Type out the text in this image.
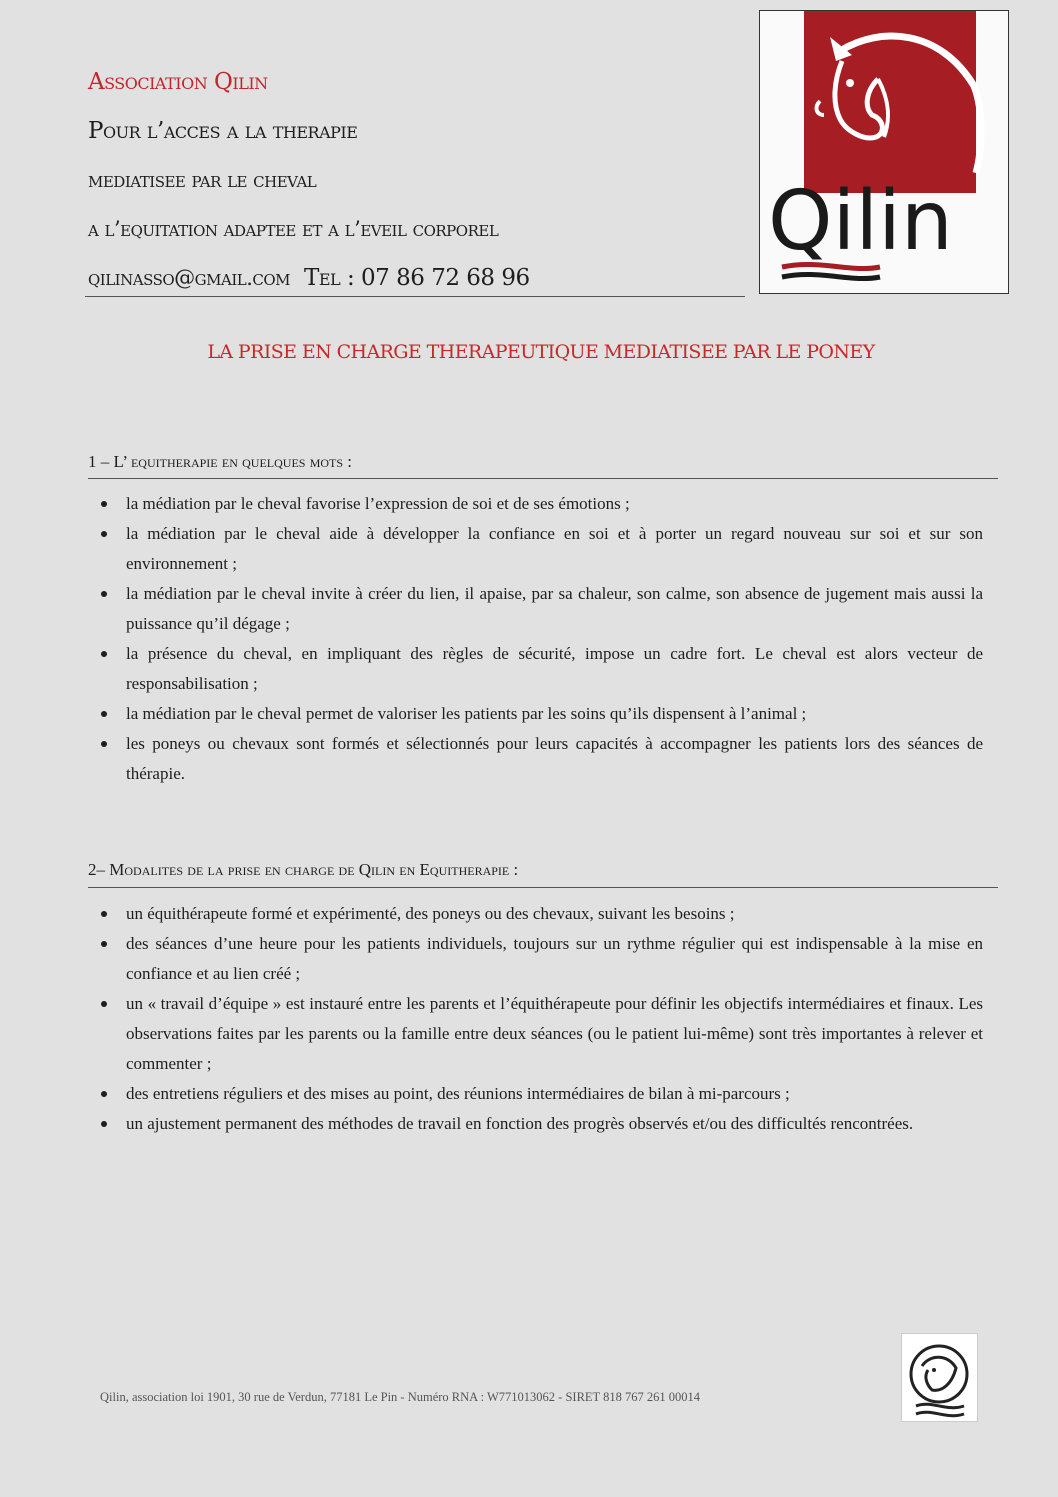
Association Qilin
Pour l’acces a la therapie
mediatisee par le cheval
a l’equitation adaptee et a l’eveil corporel
qilinasso@gmail.com Tel : 07 86 72 68 96
Qilin
LA PRISE EN CHARGE THERAPEUTIQUE MEDIATISEE PAR LE PONEY
1 – L’ equitherapie en quelques mots :
la médiation par le cheval favorise l’expression de soi et de ses émotions ;
la médiation par le cheval aide à développer la confiance en soi et à porter un regard nouveau sur soi et sur son environnement ;
la médiation par le cheval invite à créer du lien, il apaise, par sa chaleur, son calme, son absence de jugement mais aussi la puissance qu’il dégage ;
la présence du cheval, en impliquant des règles de sécurité, impose un cadre fort. Le cheval est alors vecteur de responsabilisation ;
la médiation par le cheval permet de valoriser les patients par les soins qu’ils dispensent à l’animal ;
les poneys ou chevaux sont formés et sélectionnés pour leurs capacités à accompagner les patients lors des séances de thérapie.
2– Modalites de la prise en charge de Qilin en Equitherapie :
un équithérapeute formé et expérimenté, des poneys ou des chevaux, suivant les besoins ;
des séances d’une heure pour les patients individuels, toujours sur un rythme régulier qui est indispensable à la mise en confiance et au lien créé ;
un « travail d’équipe » est instauré entre les parents et l’équithérapeute pour définir les objectifs intermédiaires et finaux. Les observations faites par les parents ou la famille entre deux séances (ou le patient lui-même) sont très importantes à relever et commenter ;
des entretiens réguliers et des mises au point, des réunions intermédiaires de bilan à mi-parcours ;
un ajustement permanent des méthodes de travail en fonction des progrès observés et/ou des difficultés rencontrées.
Qilin, association loi 1901, 30 rue de Verdun, 77181 Le Pin - Numéro RNA : W771013062 - SIRET 818 767 261 00014
